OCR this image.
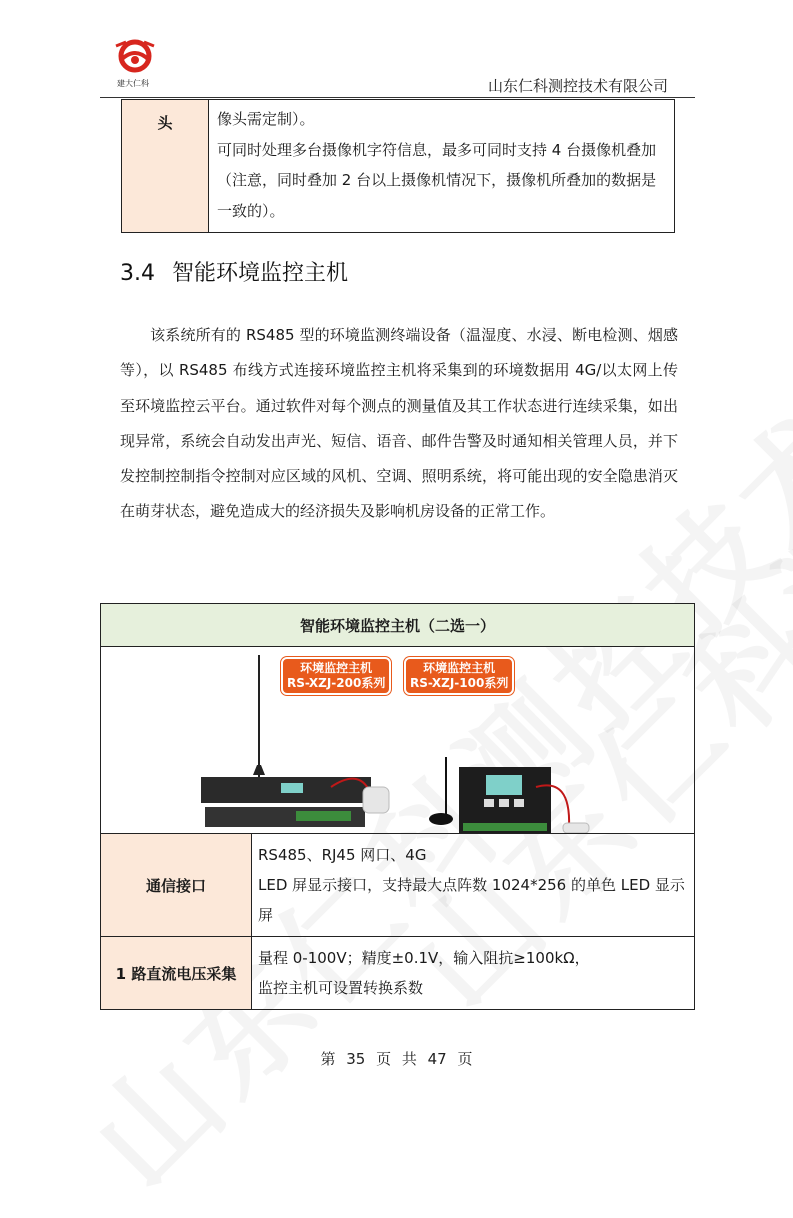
建大仁科	山东仁科测控技术有限公司
头	像头需定制）。
可同时处理多台摄像机字符信息，最多可同时支持 4 台摄像机叠加
（注意，同时叠加 2 台以上摄像机情况下，摄像机所叠加的数据是
一致的）。
3.4 智能环境监控主机
该系统所有的 RS485 型的环境监测终端设备（温湿度、水浸、断电检测、烟感等），以 RS485 布线方式连接环境监控主机将采集到的环境数据用 4G/以太网上传至环境监控云平台。通过软件对每个测点的测量值及其工作状态进行连续采集，如出现异常，系统会自动发出声光、短信、语音、邮件告警及时通知相关管理人员，并下发控制控制指令控制对应区域的风机、空调、照明系统，将可能出现的安全隐患消灭在萌芽状态，避免造成大的经济损失及影响机房设备的正常工作。
智能环境监控主机（二选一）	

环境监控主机
RS-XZJ-200系列
环境监控主机
RS-XZJ-100系列	

通信接口	RS485、RJ45 网口、4G
LED 屏显示接口，支持最大点阵数 1024*256 的单色 LED 显示
屏

1 路直流电压采集	量程 0-100V；精度±0.1V，输入阻抗≥100kΩ，
监控主机可设置转换系数
第 35 页 共 47 页
